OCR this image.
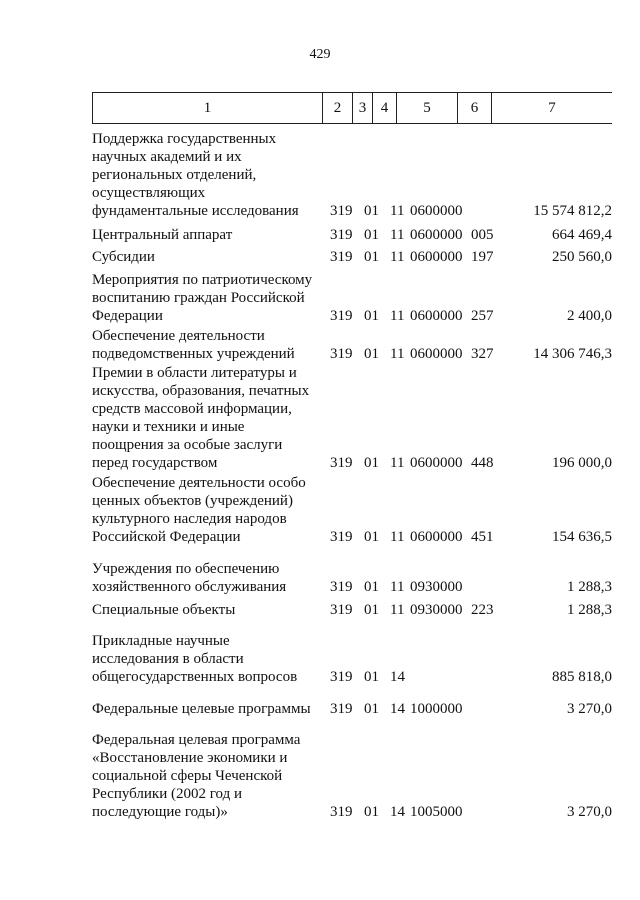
429
1	2	3 4	5	6	7
Поддержка государственных
научных академий и их
региональных отделений,
осуществляющих
фундаментальные исследования	319 01 11 0600000	15 574 812,2
Центральный аппарат	319 01 11 0600000 005	664 469,4
Субсидии	319 01 11 0600000 197	250 560,0
Мероприятия по патриотическому
воспитанию граждан Российской
Федерации	319 01 11 0600000 257	2 400,0
Обеспечение деятельности
подведомственных учреждений	319 01 11 0600000 327	14 306 746,3
Премии в области литературы и
искусства, образования, печатных
средств массовой информации,
науки и техники и иные
поощрения за особые заслуги
перед государством	319 01 11 0600000 448	196 000,0
Обеспечение деятельности особо
ценных объектов (учреждений)
культурного наследия народов
Российской Федерации	319 01 11 0600000 451	154 636,5
Учреждения по обеспечению
хозяйственного обслуживания	319 01 11 0930000	1 288,3
Специальные объекты	319 01 11 0930000 223	1 288,3
Прикладные научные
исследования в области
общегосударственных вопросов	319 01 14	885 818,0
Федеральные целевые программы	319 01 14 1000000	3 270,0
Федеральная целевая программа
«Восстановление экономики и
социальной сферы Чеченской
Республики (2002 год и
последующие годы)»	319 01 14 1005000	3 270,0
